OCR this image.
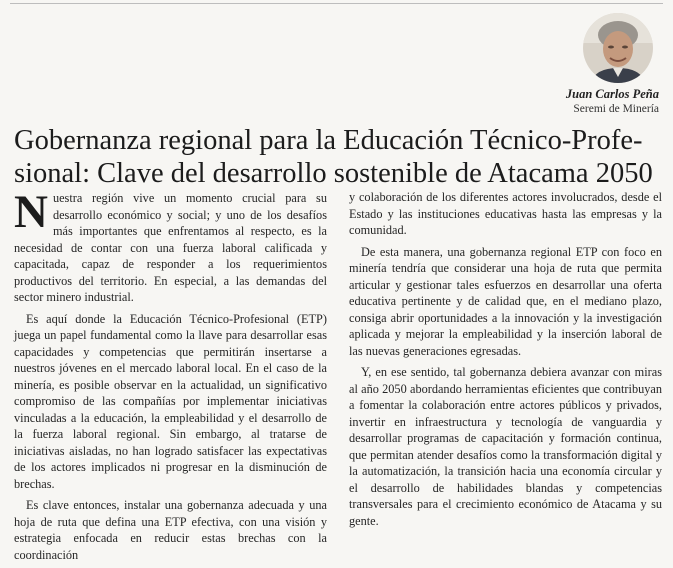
Juan Carlos Peña
Seremi de Minería
Gobernanza regional para la Educación Técnico-Profe-
sional: Clave del desarrollo sostenible de Atacama 2050

Nuestra región vive un momento crucial para su desarrollo económico y social; y uno de los desafíos más importantes que enfrentamos al respecto, es la necesidad de contar con una fuerza laboral calificada y capacitada, capaz de responder a los requerimientos productivos del territorio. En especial, a las demandas del sector minero industrial.

Es aquí donde la Educación Técnico-Profesional (ETP) juega un papel fundamental como la llave para desarrollar esas capacidades y competencias que permitirán insertarse a nuestros jóvenes en el mercado laboral local. En el caso de la minería, es posible observar en la actualidad, un significativo compromiso de las compañías por implementar iniciativas vinculadas a la educación, la empleabilidad y el desarrollo de la fuerza laboral regional. Sin embargo, al tratarse de iniciativas aisladas, no han logrado satisfacer las expectativas de los actores implicados ni progresar en la disminución de brechas.

Es clave entonces, instalar una gobernanza adecuada y una hoja de ruta que defina una ETP efectiva, con una visión y estrategia enfocada en reducir estas brechas con la coordinación

y colaboración de los diferentes actores involucrados, desde el Estado y las instituciones educativas hasta las empresas y la comunidad.

De esta manera, una gobernanza regional ETP con foco en minería tendría que considerar una hoja de ruta que permita articular y gestionar tales esfuerzos en desarrollar una oferta educativa pertinente y de calidad que, en el mediano plazo, consiga abrir oportunidades a la innovación y la investigación aplicada y mejorar la empleabilidad y la inserción laboral de las nuevas generaciones egresadas.

Y, en ese sentido, tal gobernanza debiera avanzar con miras al año 2050 abordando herramientas eficientes que contribuyan a fomentar la colaboración entre actores públicos y privados, invertir en infraestructura y tecnología de vanguardia y desarrollar programas de capacitación y formación continua, que permitan atender desafíos como la transformación digital y la automatización, la transición hacia una economía circular y el desarrollo de habilidades blandas y competencias transversales para el crecimiento económico de Atacama y su gente.
